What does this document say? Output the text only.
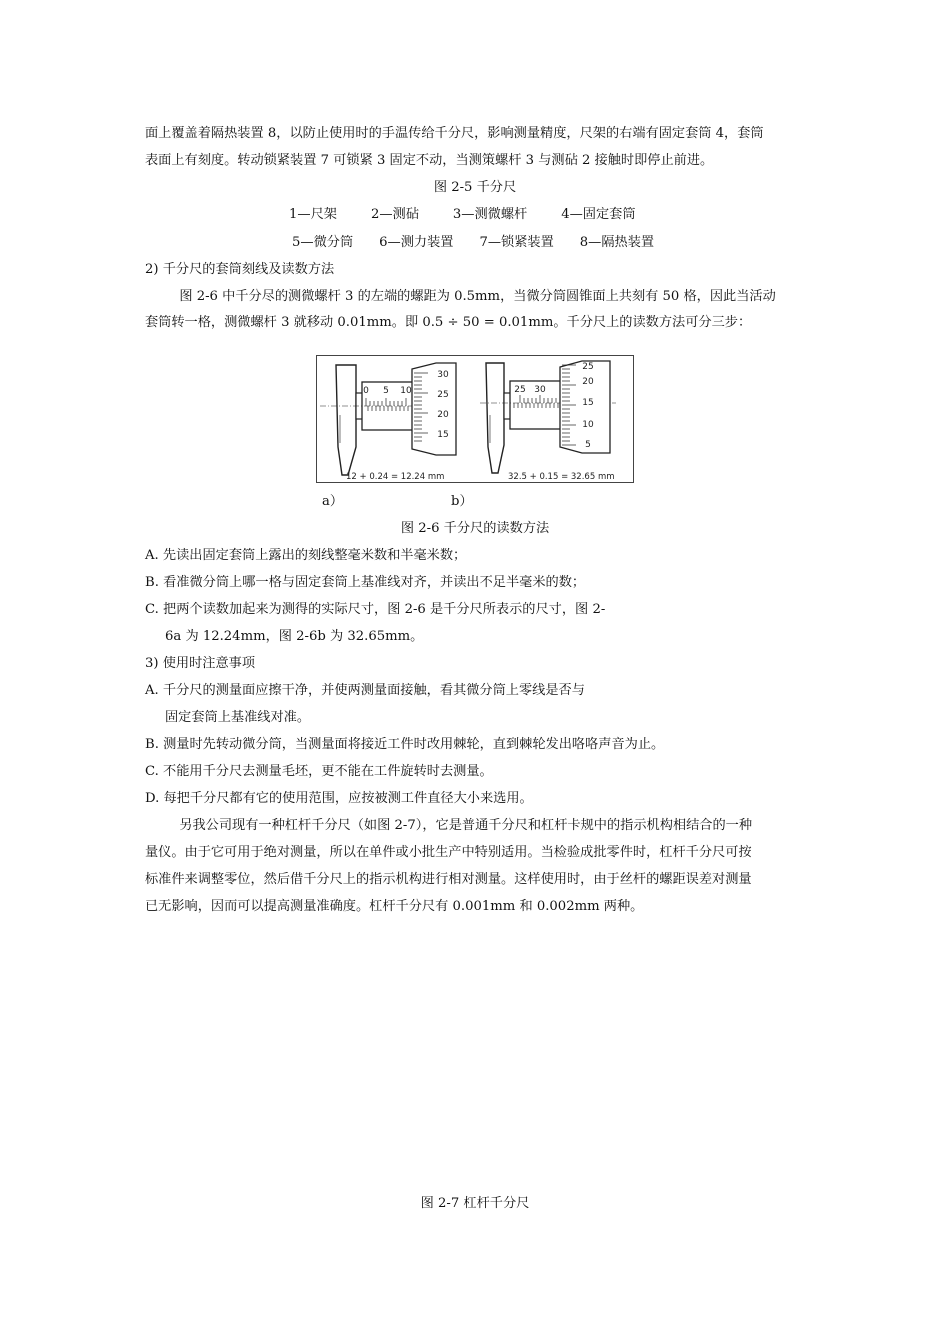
面上覆盖着隔热装置 8，以防止使用时的手温传给千分尺，影响测量精度，尺架的右端有固定套筒 4，套筒
表面上有刻度。转动锁紧装置 7 可锁紧 3 固定不动，当测策螺杆 3 与测砧 2 接触时即停止前进。
图 2-5 千分尺
1—尺架	2—测砧	3—测微螺杆	4—固定套筒
5—微分筒 6—测力装置 7—锁紧装置 8—隔热装置
2) 千分尺的套筒刻线及读数方法
图 2-6 中千分尽的测微螺杆 3 的左端的螺距为 0.5mm，当微分筒圆锥面上共刻有 50 格，因此当活动
套筒转一格，测微螺杆 3 就移动 0.01mm。即 0.5 ÷ 50 = 0.01mm。千分尺上的读数方法可分三步：
0 5 10
30
25
20
15
12 + 0.24 = 12.24 mm
25 30
25
20
15
10
5
32.5 + 0.15 = 32.65 mm
a）	b）
图 2-6 千分尺的读数方法
A. 先读出固定套筒上露出的刻线整毫米数和半毫米数；
B. 看准微分筒上哪一格与固定套筒上基准线对齐，并读出不足半毫米的数；
C. 把两个读数加起来为测得的实际尺寸，图 2-6 是千分尺所表示的尺寸，图 2-
6a 为 12.24mm，图 2-6b 为 32.65mm。
3) 使用时注意事项
A. 千分尺的测量面应擦干净，并使两测量面接触，看其微分筒上零线是否与
固定套筒上基准线对准。
B. 测量时先转动微分筒，当测量面将接近工件时改用棘轮，直到棘轮发出咯咯声音为止。
C. 不能用千分尺去测量毛坯，更不能在工件旋转时去测量。
D. 每把千分尺都有它的使用范围，应按被测工件直径大小来选用。
另我公司现有一种杠杆千分尺（如图 2-7），它是普通千分尺和杠杆卡规中的指示机构相结合的一种
量仪。由于它可用于绝对测量，所以在单件或小批生产中特别适用。当检验成批零件时，杠杆千分尺可按
标准件来调整零位，然后借千分尺上的指示机构进行相对测量。这样使用时，由于丝杆的螺距误差对测量
已无影响，因而可以提高测量准确度。杠杆千分尺有 0.001mm 和 0.002mm 两种。
图 2-7 杠杆千分尺
